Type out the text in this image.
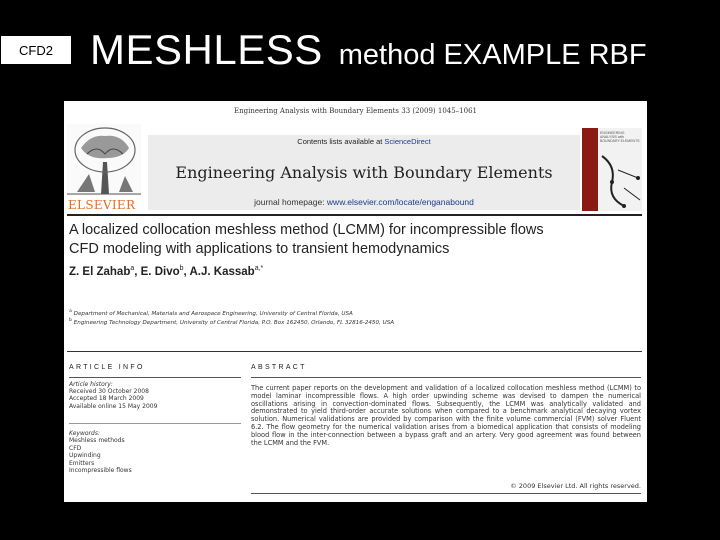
CFD2 MESHLESS method EXAMPLE RBF
Engineering Analysis with Boundary Elements 33 (2009) 1045–1061
ELSEVIER
Contents lists available at ScienceDirect
Engineering Analysis with Boundary Elements
journal homepage: www.elsevier.com/locate/enganabound
ENGINEERING ANALYSIS with BOUNDARY ELEMENTS
A localized collocation meshless method (LCMM) for incompressible flows
CFD modeling with applications to transient hemodynamics
Z. El Zahab$^a$, E. Divo$^b$, A.J. Kassab$^{a,*}$
$^a$ Department of Mechanical, Materials and Aerospace Engineering, University of Central Florida, USA
$^b$ Engineering Technology Department, University of Central Florida, P.O. Box 162450, Orlando, FL 32816-2450, USA
ARTICLE INFO	ABSTRACT
Article history:
Received 30 October 2008
Accepted 18 March 2009
Available online 15 May 2009
Keywords:
Meshless methods
CFD
Upwinding
Emitters
Incompressible flows
The current paper reports on the development and validation of a localized collocation meshless method (LCMM) to model laminar incompressible flows. A high order upwinding scheme was devised to dampen the numerical oscillations arising in convection-dominated flows. Subsequently, the LCMM was analytically validated and demonstrated to yield third-order accurate solutions when compared to a benchmark analytical decaying vortex solution. Numerical validations are provided by comparison with the finite volume commercial (FVM) solver Fluent 6.2. The flow geometry for the numerical validation arises from a biomedical application that consists of modeling blood flow in the inter-connection between a bypass graft and an artery. Very good agreement was found between the LCMM and the FVM.
© 2009 Elsevier Ltd. All rights reserved.
